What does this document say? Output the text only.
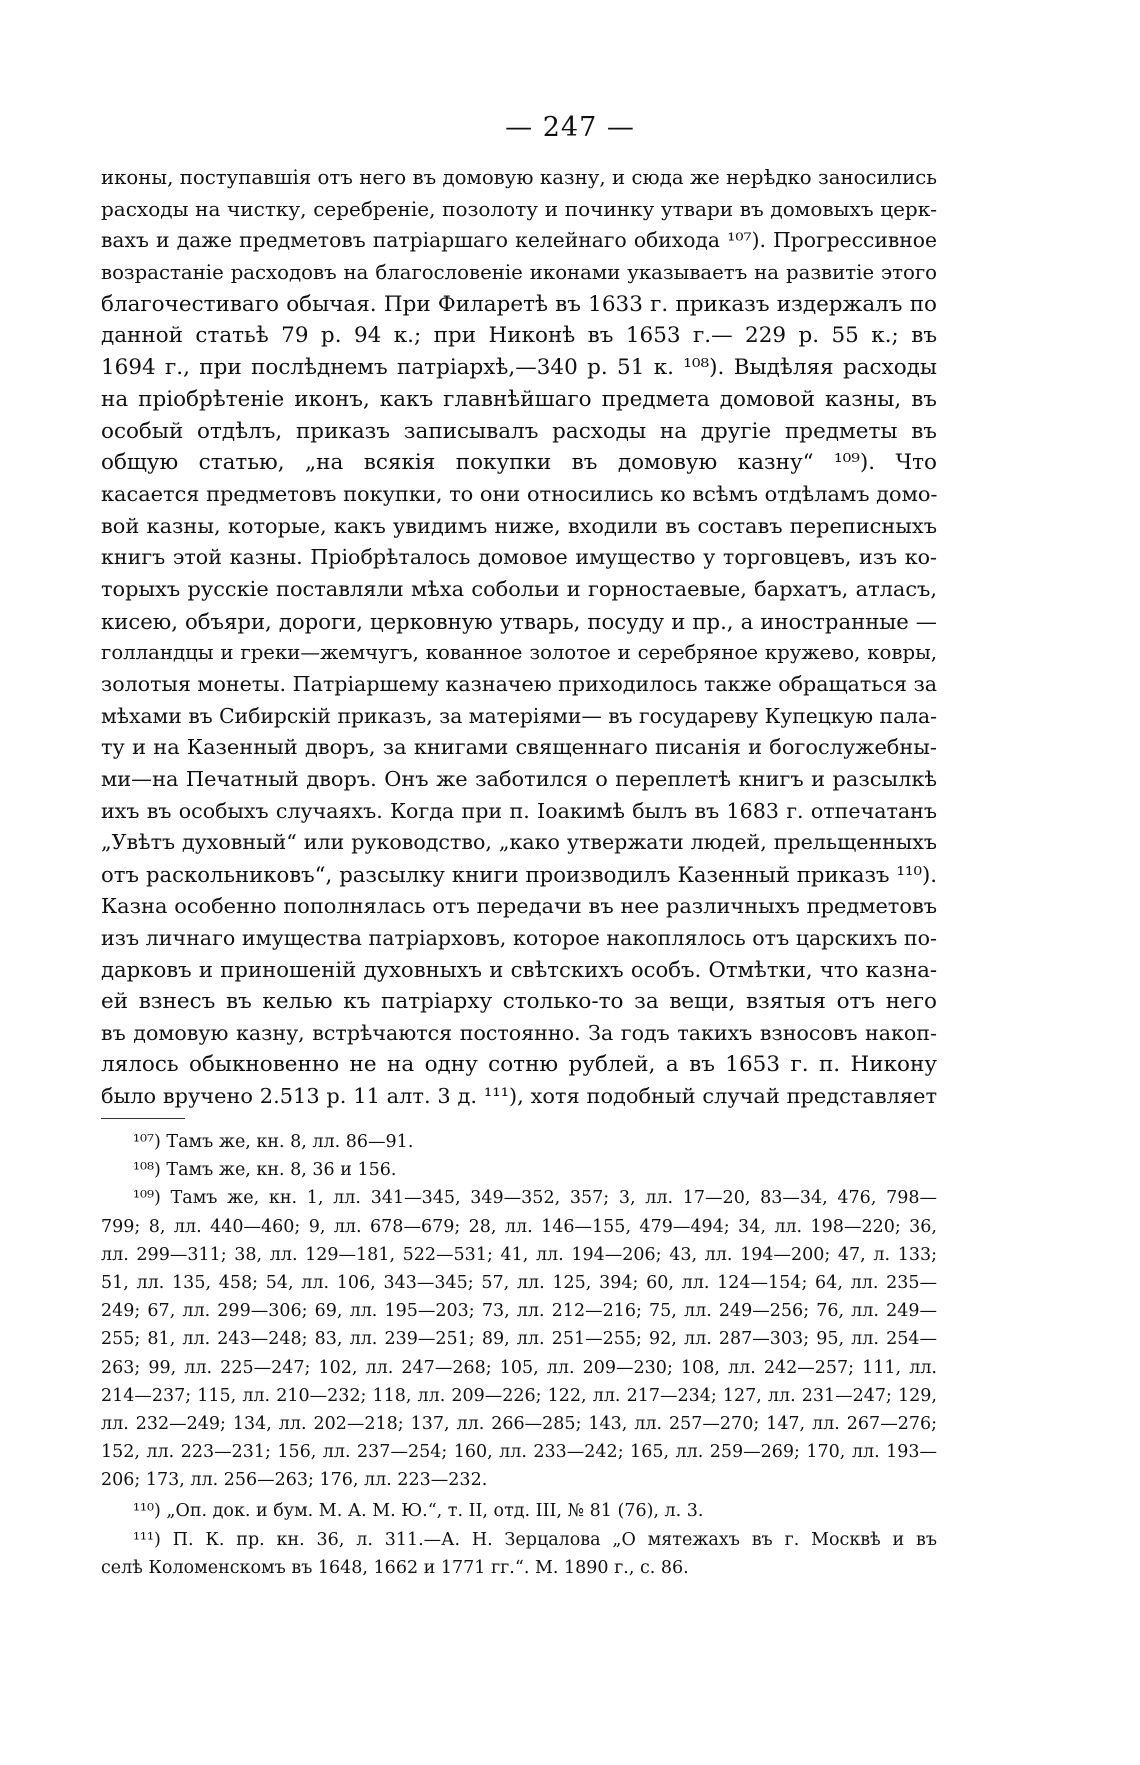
— 247 —
иконы, поступавшія отъ него въ домовую казну, и сюда же нерѣдко заносились
расходы на чистку, серебреніе, позолоту и починку утвари въ домовыхъ церк-
вахъ и даже предметовъ патріаршаго келейнаго обихода ¹⁰⁷). Прогрессивное
возрастаніе расходовъ на благословеніе иконами указываетъ на развитіе этого
благочестиваго обычая. При Филаретѣ въ 1633 г. приказъ издержалъ по
данной статьѣ 79 р. 94 к.; при Никонѣ въ 1653 г.— 229 р. 55 к.; въ
1694 г., при послѣднемъ патріархѣ,—340 р. 51 к. ¹⁰⁸). Выдѣляя расходы
на пріобрѣтеніе иконъ, какъ главнѣйшаго предмета домовой казны, въ
особый отдѣлъ, приказъ записывалъ расходы на другіе предметы въ
общую статью, „на всякія покупки въ домовую казну“ ¹⁰⁹). Что
касается предметовъ покупки, то они относились ко всѣмъ отдѣламъ домо-
вой казны, которые, какъ увидимъ ниже, входили въ составъ переписныхъ
книгъ этой казны. Пріобрѣталось домовое имущество у торговцевъ, изъ ко-
торыхъ русскіе поставляли мѣха собольи и горностаевые, бархатъ, атласъ,
кисею, объяри, дороги, церковную утварь, посуду и пр., а иностранные —
голландцы и греки—жемчугъ, кованное золотое и серебряное кружево, ковры,
золотыя монеты. Патріаршему казначею приходилось также обращаться за
мѣхами въ Сибирскій приказъ, за матеріями— въ государеву Купецкую пала-
ту и на Казенный дворъ, за книгами священнаго писанія и богослужебны-
ми—на Печатный дворъ. Онъ же заботился о переплетѣ книгъ и разсылкѣ
ихъ въ особыхъ случаяхъ. Когда при п. Іоакимѣ былъ въ 1683 г. отпечатанъ
„Увѣтъ духовный“ или руководство, „како утвержати людей, прельщенныхъ
отъ раскольниковъ“, разсылку книги производилъ Казенный приказъ ¹¹⁰).
Казна особенно пополнялась отъ передачи въ нее различныхъ предметовъ
изъ личнаго имущества патріарховъ, которое накоплялось отъ царскихъ по-
дарковъ и приношеній духовныхъ и свѣтскихъ особъ. Отмѣтки, что казна-
ей взнесъ въ келью къ патріарху столько-то за вещи, взятыя отъ него
въ домовую казну, встрѣчаются постоянно. За годъ такихъ взносовъ накоп-
лялось обыкновенно не на одну сотню рублей, а въ 1653 г. п. Никону
было вручено 2.513 р. 11 алт. 3 д. ¹¹¹), хотя подобный случай представляет
¹⁰⁷) Тамъ же, кн. 8, лл. 86—91.
¹⁰⁸) Тамъ же, кн. 8, 36 и 156.
¹⁰⁹) Тамъ же, кн. 1, лл. 341—345, 349—352, 357; 3, лл. 17—20, 83—34, 476, 798—
799; 8, лл. 440—460; 9, лл. 678—679; 28, лл. 146—155, 479—494; 34, лл. 198—220; 36,
лл. 299—311; 38, лл. 129—181, 522—531; 41, лл. 194—206; 43, лл. 194—200; 47, л. 133;
51, лл. 135, 458; 54, лл. 106, 343—345; 57, лл. 125, 394; 60, лл. 124—154; 64, лл. 235—
249; 67, лл. 299—306; 69, лл. 195—203; 73, лл. 212—216; 75, лл. 249—256; 76, лл. 249—
255; 81, лл. 243—248; 83, лл. 239—251; 89, лл. 251—255; 92, лл. 287—303; 95, лл. 254—
263; 99, лл. 225—247; 102, лл. 247—268; 105, лл. 209—230; 108, лл. 242—257; 111, лл.
214—237; 115, лл. 210—232; 118, лл. 209—226; 122, лл. 217—234; 127, лл. 231—247; 129,
лл. 232—249; 134, лл. 202—218; 137, лл. 266—285; 143, лл. 257—270; 147, лл. 267—276;
152, лл. 223—231; 156, лл. 237—254; 160, лл. 233—242; 165, лл. 259—269; 170, лл. 193—
206; 173, лл. 256—263; 176, лл. 223—232.
¹¹⁰) „Оп. док. и бум. М. А. М. Ю.“, т. II, отд. III, № 81 (76), л. 3.
¹¹¹) П. К. пр. кн. 36, л. 311.—А. Н. Зерцалова „О мятежахъ въ г. Москвѣ и въ
селѣ Коломенскомъ въ 1648, 1662 и 1771 гг.“. М. 1890 г., с. 86.
